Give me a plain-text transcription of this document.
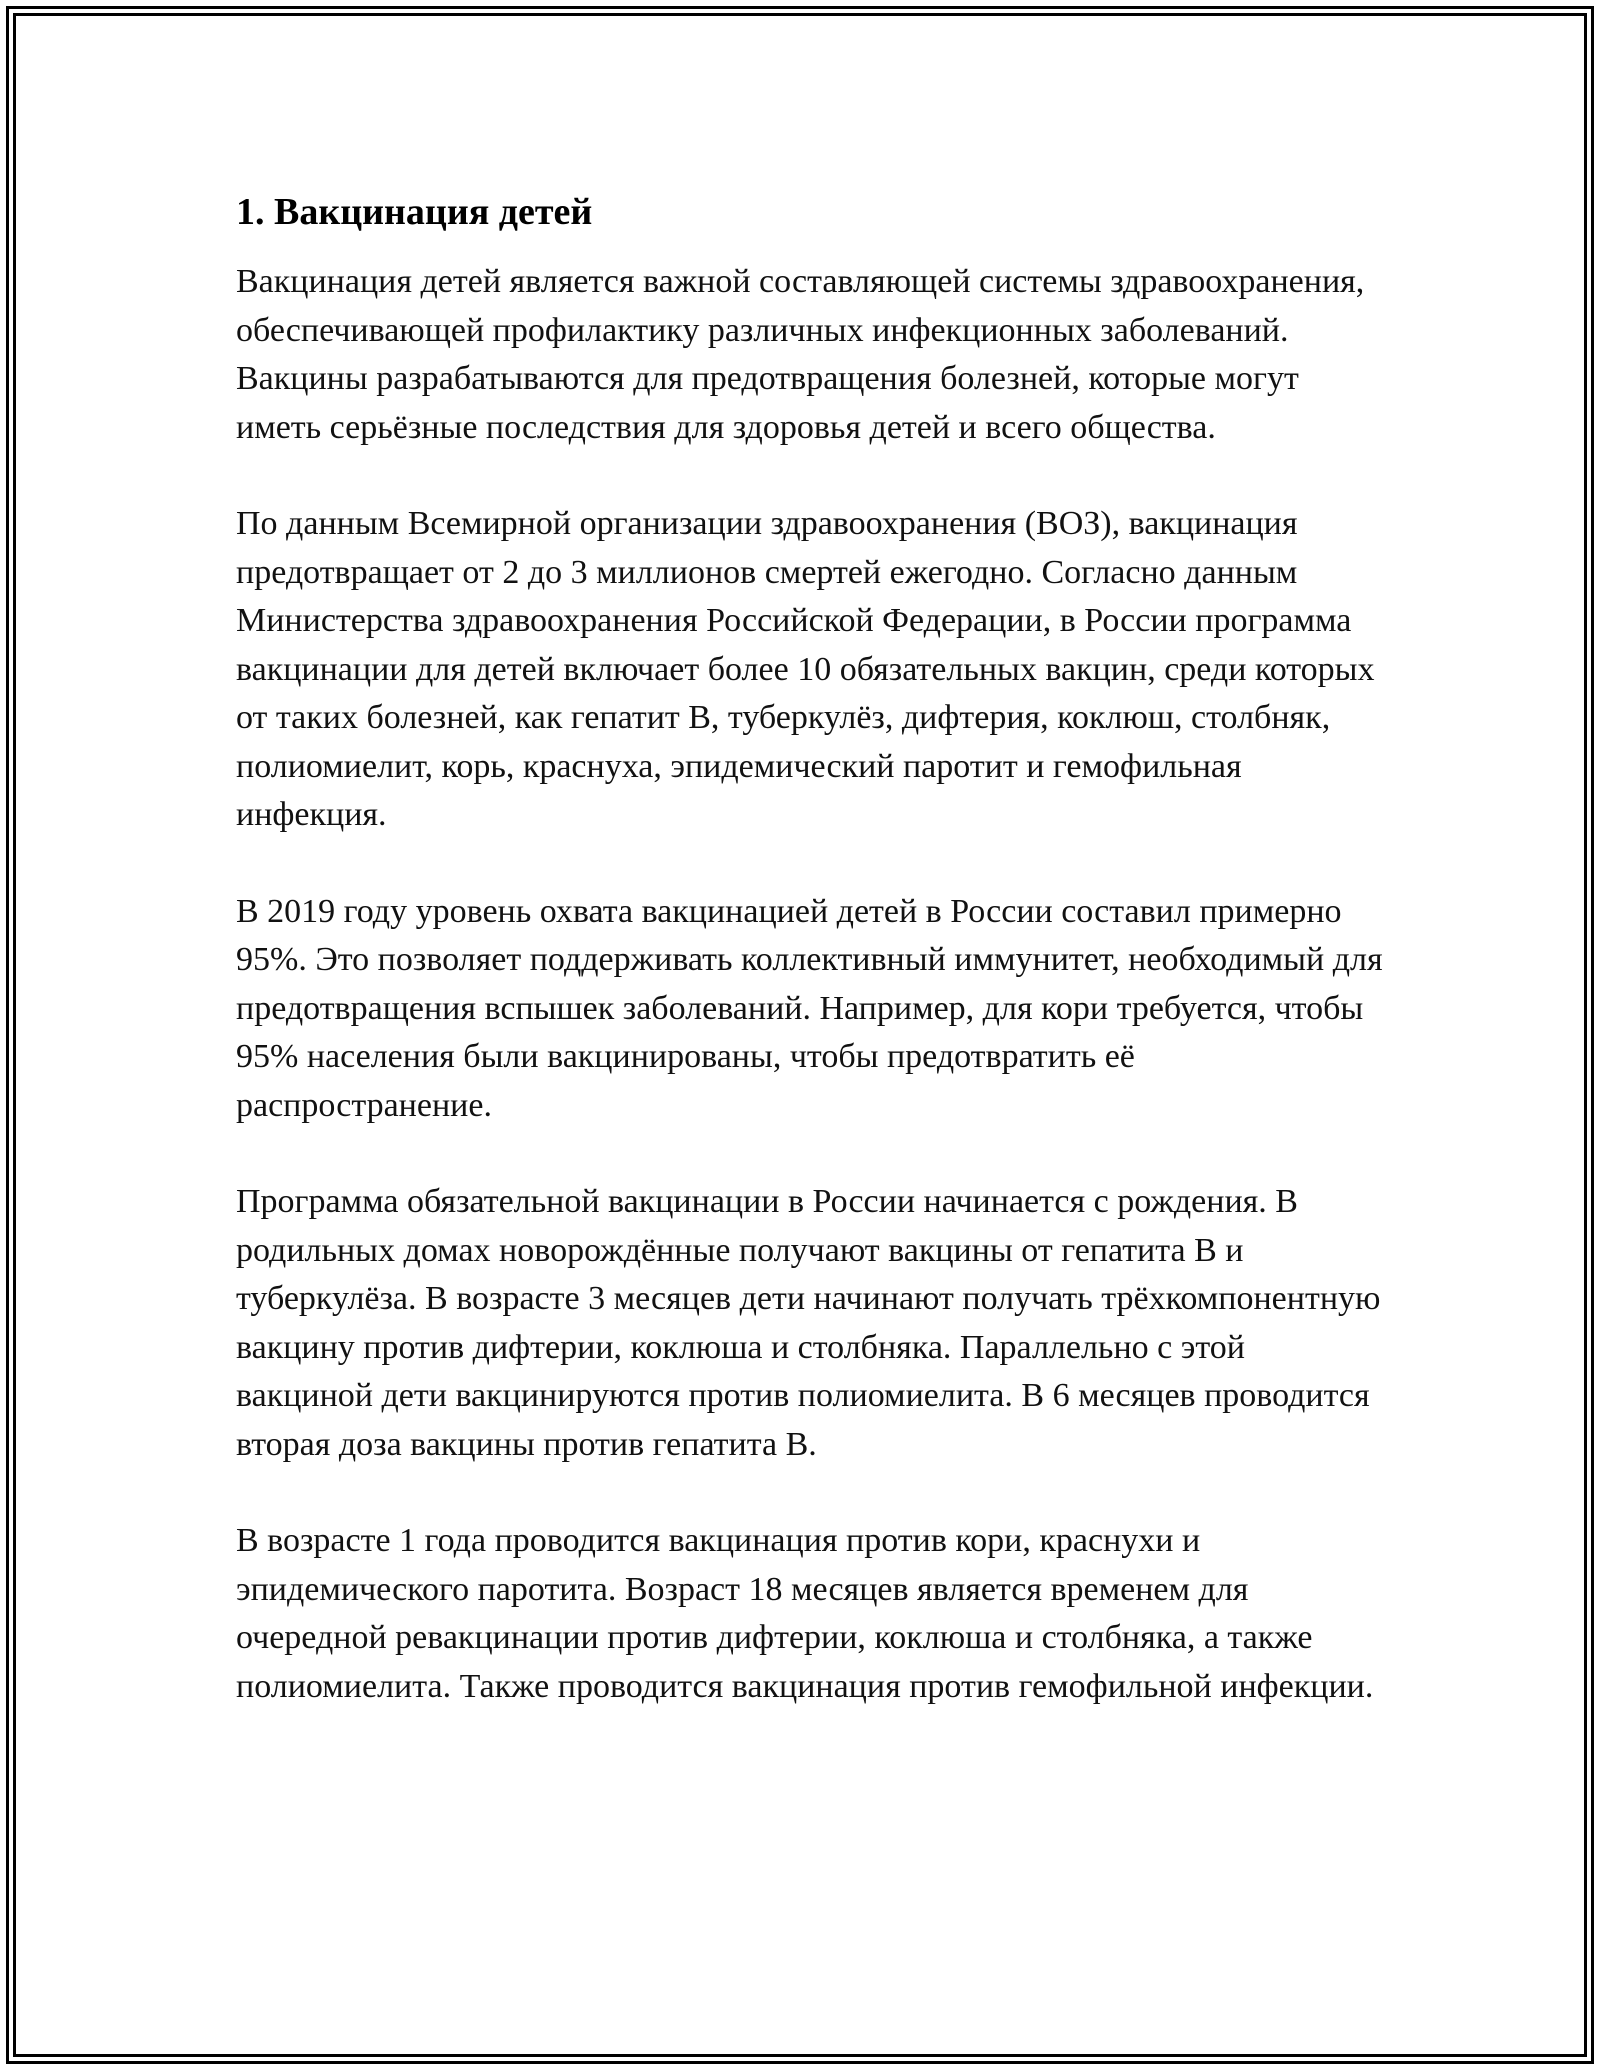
1. Вакцинация детей

Вакцинация детей является важной составляющей системы здравоохранения, обеспечивающей профилактику различных инфекционных заболеваний. Вакцины разрабатываются для предотвращения болезней, которые могут иметь серьёзные последствия для здоровья детей и всего общества.

По данным Всемирной организации здравоохранения (ВОЗ), вакцинация предотвращает от 2 до 3 миллионов смертей ежегодно. Согласно данным Министерства здравоохранения Российской Федерации, в России программа вакцинации для детей включает более 10 обязательных вакцин, среди которых от таких болезней, как гепатит B, туберкулёз, дифтерия, коклюш, столбняк, полиомиелит, корь, краснуха, эпидемический паротит и гемофильная инфекция.

В 2019 году уровень охвата вакцинацией детей в России составил примерно 95%. Это позволяет поддерживать коллективный иммунитет, необходимый для предотвращения вспышек заболеваний. Например, для кори требуется, чтобы 95% населения были вакцинированы, чтобы предотвратить её распространение.

Программа обязательной вакцинации в России начинается с рождения. В родильных домах новорождённые получают вакцины от гепатита B и туберкулёза. В возрасте 3 месяцев дети начинают получать трёхкомпонентную вакцину против дифтерии, коклюша и столбняка. Параллельно с этой вакциной дети вакцинируются против полиомиелита. В 6 месяцев проводится вторая доза вакцины против гепатита B.

В возрасте 1 года проводится вакцинация против кори, краснухи и эпидемического паротита. Возраст 18 месяцев является временем для очередной ревакцинации против дифтерии, коклюша и столбняка, а также полиомиелита. Также проводится вакцинация против гемофильной инфекции.
